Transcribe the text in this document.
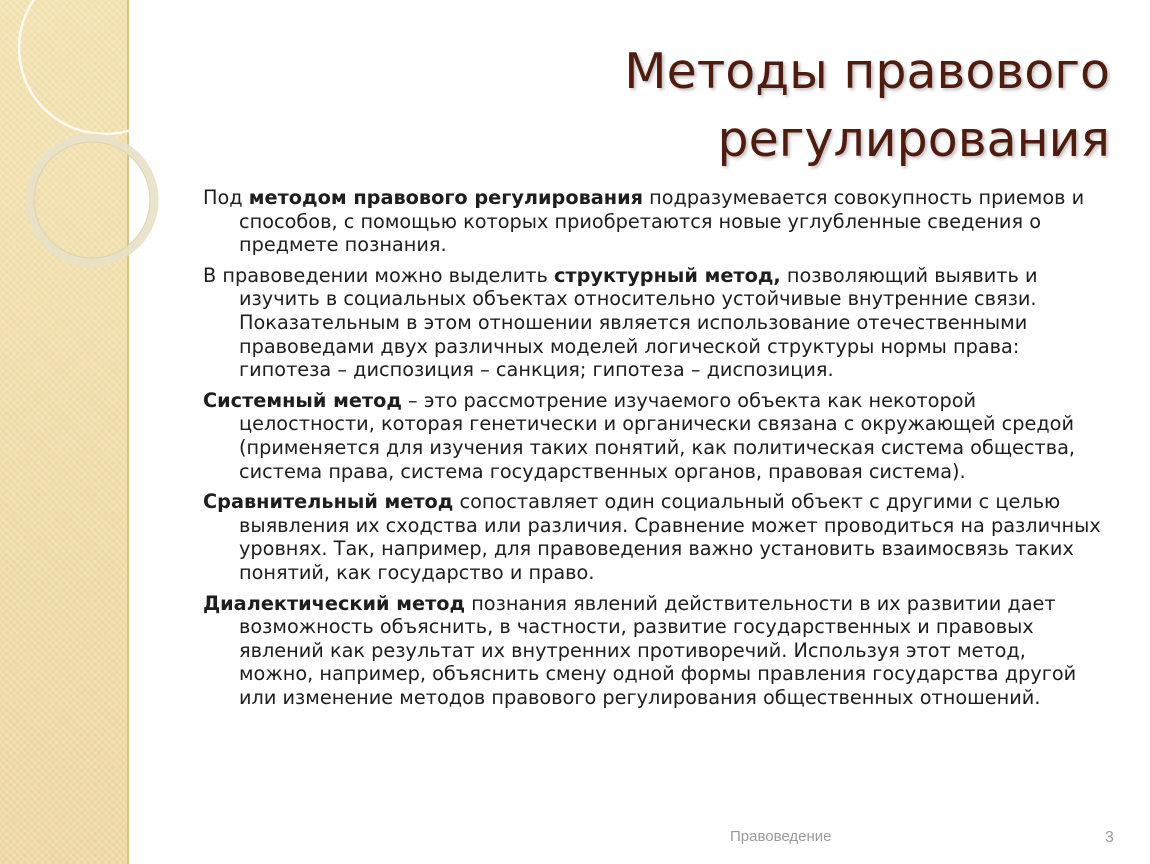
Методы правового
регулирования

Под методом правового регулирования подразумевается совокупность приемов и способов, с помощью которых приобретаются новые углубленные сведения о предмете познания.

В правоведении можно выделить структурный метод, позволяющий выявить и изучить в социальных объектах относительно устойчивые внутренние связи. Показательным в этом отношении является использование отечественными правоведами двух различных моделей логической структуры нормы права: гипотеза – диспозиция – санкция; гипотеза – диспозиция.

Системный метод – это рассмотрение изучаемого объекта как некоторой целостности, которая генетически и органически связана с окружающей средой (применяется для изучения таких понятий, как политическая система общества, система права, система государственных органов, правовая система).

Сравнительный метод сопоставляет один социальный объект с другими с целью выявления их сходства или различия. Сравнение может проводиться на различных уровнях. Так, например, для правоведения важно установить взаимосвязь таких понятий, как государство и право.

Диалектический метод познания явлений действительности в их развитии дает возможность объяснить, в частности, развитие государственных и правовых явлений как результат их внутренних противоречий. Используя этот метод, можно, например, объяснить смену одной формы правления государства другой или изменение методов правового регулирования общественных отношений.

Правоведение	3
